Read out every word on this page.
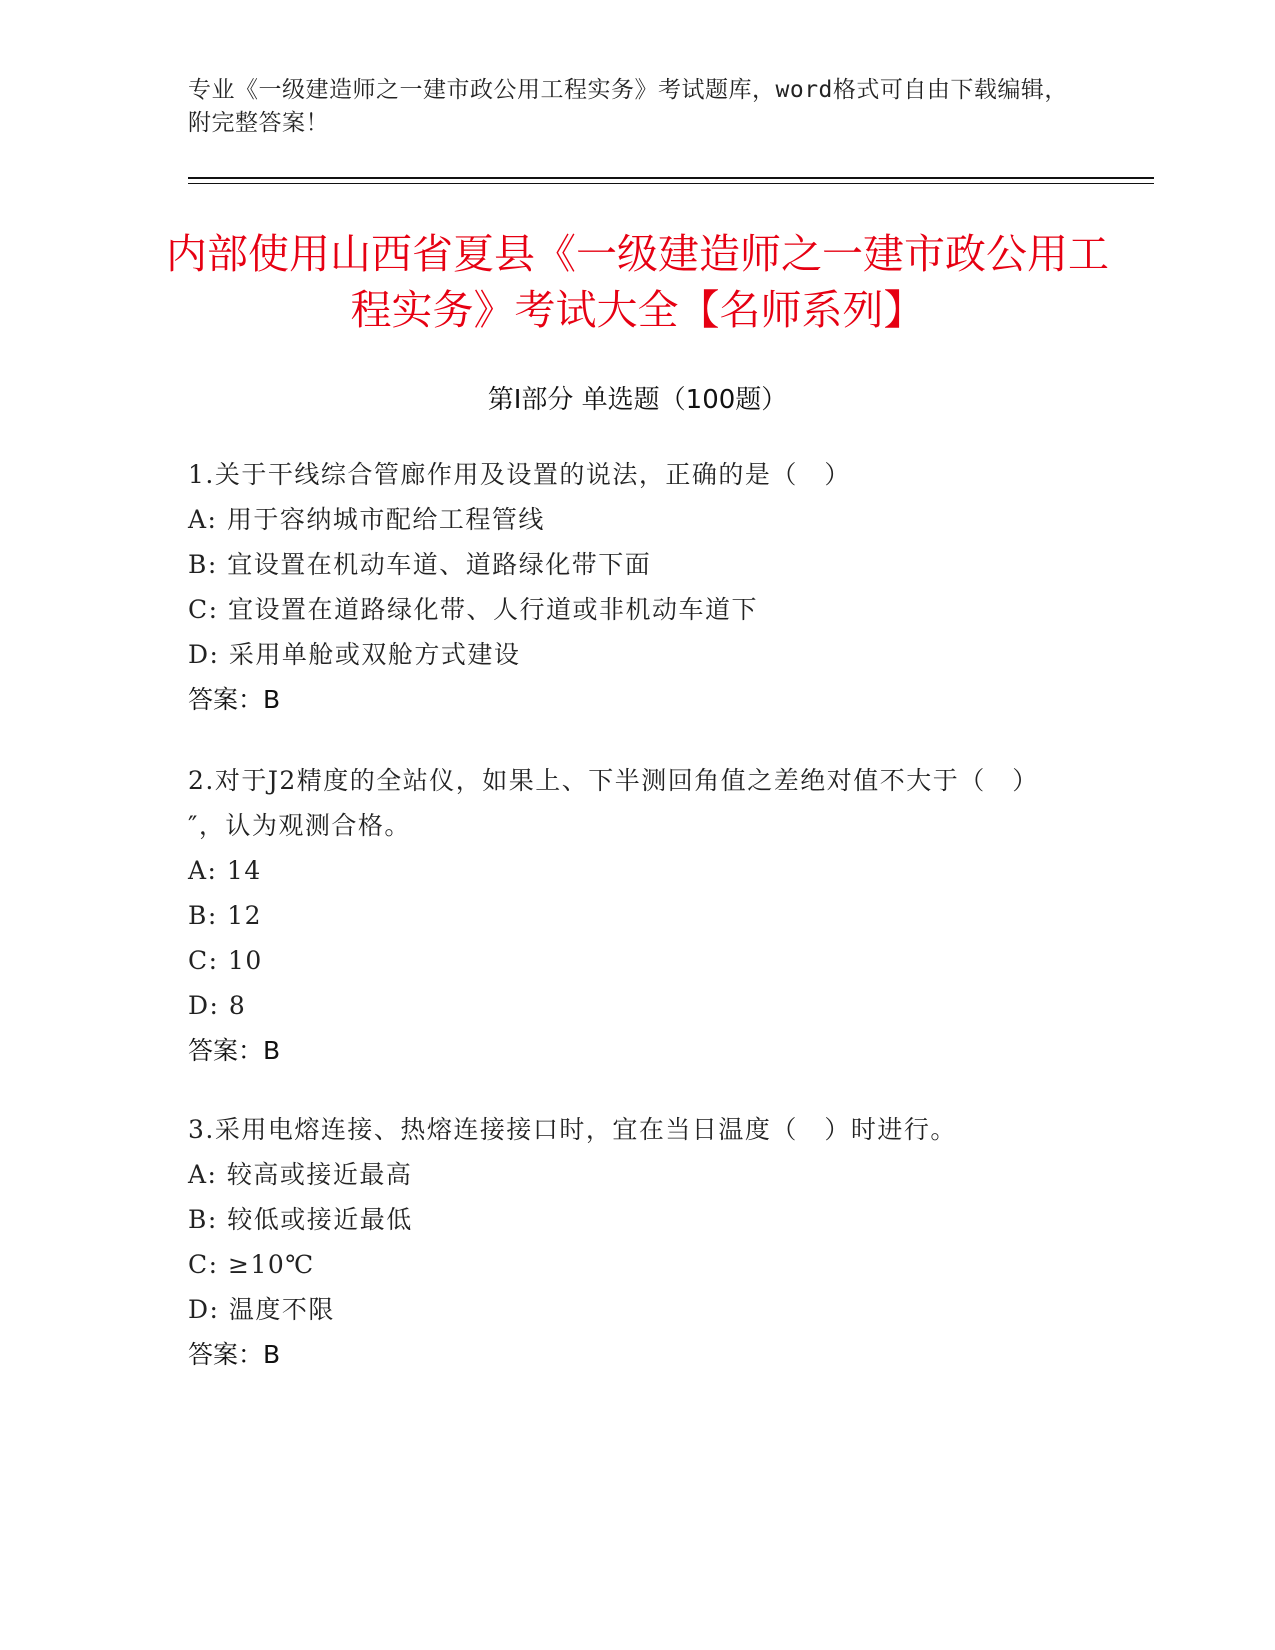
专业《一级建造师之一建市政公用工程实务》考试题库，word格式可自由下载编辑，附完整答案！
内部使用山西省夏县《一级建造师之一建市政公用工程实务》考试大全【名师系列】
第Ⅰ部分 单选题（100题）

1.关于干线综合管廊作用及设置的说法，正确的是（　）

A: 用于容纳城市配给工程管线

B: 宜设置在机动车道、道路绿化带下面

C: 宜设置在道路绿化带、人行道或非机动车道下

D: 采用单舱或双舱方式建设

答案：B

2.对于J2精度的全站仪，如果上、下半测回角值之差绝对值不大于（　）″，认为观测合格。

A: 14

B: 12

C: 10

D: 8

答案：B

3.采用电熔连接、热熔连接接口时，宜在当日温度（　）时进行。

A: 较高或接近最高

B: 较低或接近最低

C: ≥10℃

D: 温度不限

答案：B
